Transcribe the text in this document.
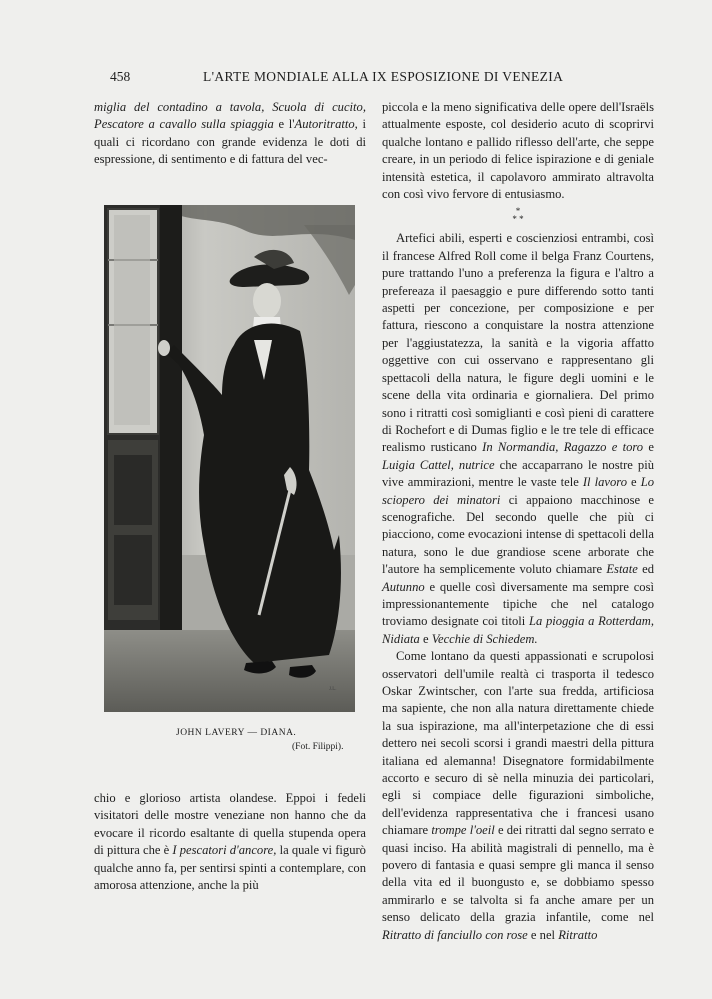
458	L'ARTE MONDIALE ALLA IX ESPOSIZIONE DI VENEZIA

miglia del contadino a tavola, Scuola di cucito, Pescatore a cavallo sulla spiaggia e l'Autoritratto, i quali ci ricordano con grande evidenza le doti di espressione, di sentimento e di fattura del vec-

J.L.
JOHN LAVERY — DIANA.
(Fot. Filippi).

chio e glorioso artista olandese. Eppoi i fedeli visitatori delle mostre veneziane non hanno che da evocare il ricordo esaltante di quella stupenda opera di pittura che è I pescatori d'ancore, la quale vi figurò qualche anno fa, per sentirsi spinti a contemplare, con amorosa attenzione, anche la più

piccola e la meno significativa delle opere dell'Israëls attualmente esposte, col desiderio acuto di scoprirvi qualche lontano e pallido riflesso dell'arte, che seppe creare, in un periodo di felice ispirazione e di geniale intensità estetica, il capolavoro ammirato altravolta con così vivo fervore di entusiasmo.

*
* *

Artefici abili, esperti e coscienziosi entrambi, così il francese Alfred Roll come il belga Franz Courtens, pure trattando l'uno a preferenza la figura e l'altro a prefereaza il paesaggio e pure differendo sotto tanti aspetti per concezione, per composizione e per fattura, riescono a conquistare la nostra attenzione per l'aggiustatezza, la sanità e la vigoria affatto oggettive con cui osservano e rappresentano gli spettacoli della natura, le figure degli uomini e le scene della vita ordinaria e giornaliera. Del primo sono i ritratti così somiglianti e così pieni di carattere di Rochefort e di Dumas figlio e le tre tele di efficace realismo rusticano In Normandia, Ragazzo e toro e Luigia Cattel, nutrice che accaparrano le nostre più vive ammirazioni, mentre le vaste tele Il lavoro e Lo sciopero dei minatori ci appaiono macchinose e scenografiche. Del secondo quelle che più ci piacciono, come evocazioni intense di spettacoli della natura, sono le due grandiose scene arborate che l'autore ha semplicemente voluto chiamare Estate ed Autunno e quelle così diversamente ma sempre così impressionantemente tipiche che nel catalogo troviamo designate coi titoli La pioggia a Rotterdam, Nidiata e Vecchie di Schiedem.

Come lontano da questi appassionati e scrupolosi osservatori dell'umile realtà ci trasporta il tedesco Oskar Zwintscher, con l'arte sua fredda, artificiosa ma sapiente, che non alla natura direttamente chiede la sua ispirazione, ma all'interpetazione che di essi dettero nei secoli scorsi i grandi maestri della pittura italiana ed alemanna! Disegnatore formidabilmente accorto e securo di sè nella minuzia dei particolari, egli si compiace delle figurazioni simboliche, dell'evidenza rappresentativa che i francesi usano chiamare trompe l'oeil e dei ritratti dal segno serrato e quasi inciso. Ha abilità magistrali di pennello, ma è povero di fantasia e quasi sempre gli manca il senso della vita ed il buongusto e, se dobbiamo spesso ammirarlo e se talvolta si fa anche amare per un senso delicato della grazia infantile, come nel Ritratto di fanciullo con rose e nel Ritratto
